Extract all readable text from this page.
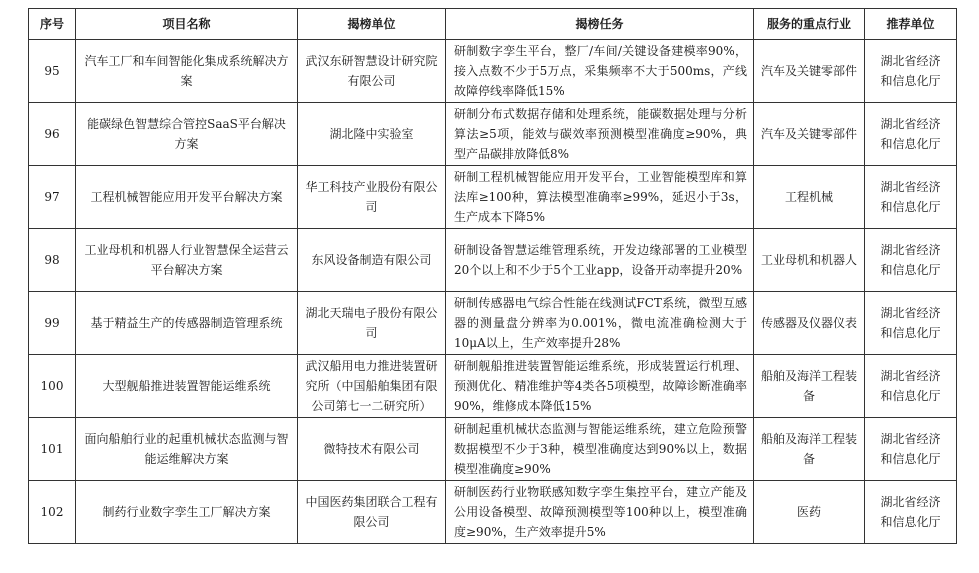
序号	项目名称	揭榜单位	揭榜任务	服务的重点行业	推荐单位
95	汽车工厂和车间智能化集成系统解决方案	武汉东研智慧设计研究院有限公司	研制数字孪生平台，整厂/车间/关键设备建模率90%，接入点数不少于5万点，采集频率不大于500ms，产线故障停线率降低15%	汽车及关键零部件	湖北省经济和信息化厅
96	能碳绿色智慧综合管控SaaS平台解决方案	湖北隆中实验室	研制分布式数据存储和处理系统，能碳数据处理与分析算法≥5项，能效与碳效率预测模型准确度≥90%，典型产品碳排放降低8%	汽车及关键零部件	湖北省经济和信息化厅
97	工程机械智能应用开发平台解决方案	华工科技产业股份有限公司	研制工程机械智能应用开发平台，工业智能模型库和算法库≥100种，算法模型准确率≥99%，延迟小于3s，生产成本下降5%	工程机械	湖北省经济和信息化厅
98	工业母机和机器人行业智慧保全运营云平台解决方案	东风设备制造有限公司	研制设备智慧运维管理系统，开发边缘部署的工业模型20个以上和不少于5个工业app，设备开动率提升20%	工业母机和机器人	湖北省经济和信息化厅
99	基于精益生产的传感器制造管理系统	湖北天瑞电子股份有限公司	研制传感器电气综合性能在线测试FCT系统，微型互感器的测量盘分辨率为0.001%，微电流准确检测大于10μA以上，生产效率提升28%	传感器及仪器仪表	湖北省经济和信息化厅
100	大型舰船推进装置智能运维系统	武汉船用电力推进装置研究所（中国船舶集团有限公司第七一二研究所）	研制舰船推进装置智能运维系统，形成装置运行机理、预测优化、精准维护等4类各5项模型，故障诊断准确率90%，维修成本降低15%	船舶及海洋工程装备	湖北省经济和信息化厅
101	面向船舶行业的起重机械状态监测与智能运维解决方案	微特技术有限公司	研制起重机械状态监测与智能运维系统，建立危险预警数据模型不少于3种，模型准确度达到90%以上，数据模型准确度≥90%	船舶及海洋工程装备	湖北省经济和信息化厅
102	制药行业数字孪生工厂解决方案	中国医药集团联合工程有限公司	研制医药行业物联感知数字孪生集控平台，建立产能及公用设备模型、故障预测模型等100种以上，模型准确度≥90%，生产效率提升5%	医药	湖北省经济和信息化厅
